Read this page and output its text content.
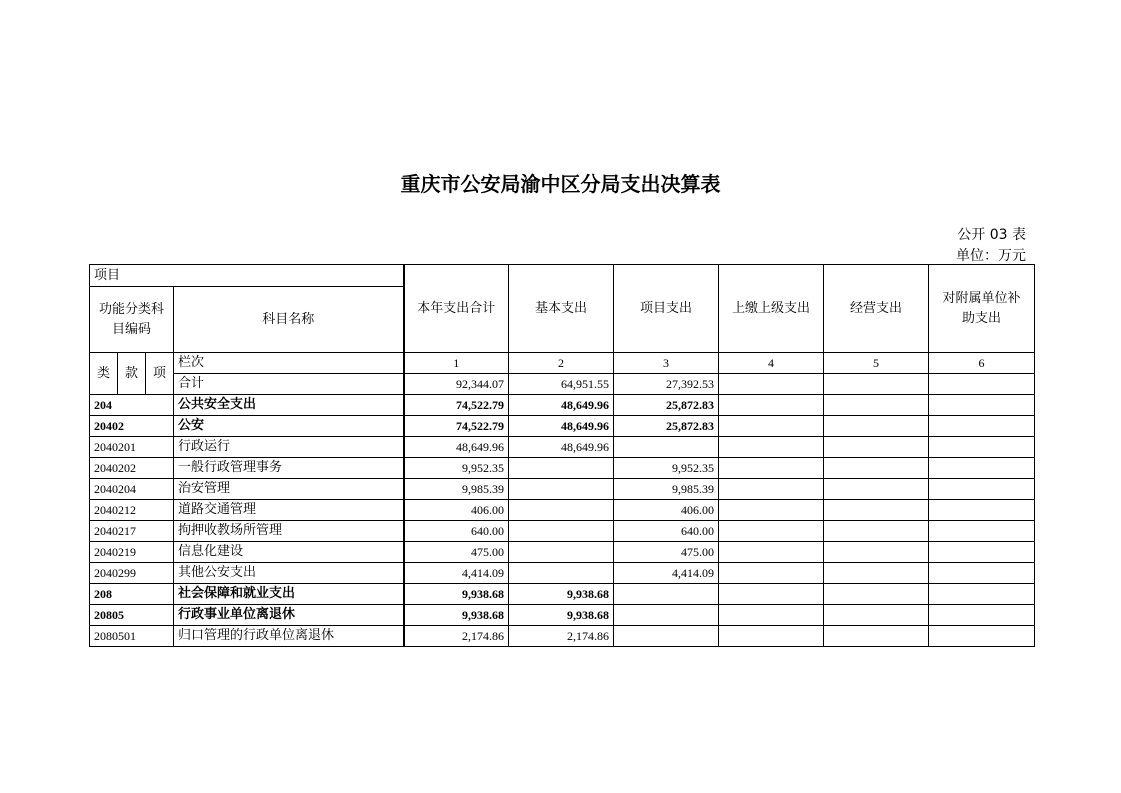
重庆市公安局渝中区分局支出决算表
公开 03 表
单位：万元
项目				本年支出合计	基本支出	项目支出	上缴上级支出	经营支出	对附属单位补助支出
功能分类科目编码			科目名称						
类	款	项	栏次	1	2	3	4	5	6
			合计	92,344.07	64,951.55	27,392.53			
204			公共安全支出	74,522.79	48,649.96	25,872.83			
20402			公安	74,522.79	48,649.96	25,872.83			
2040201			行政运行	48,649.96	48,649.96				
2040202			一般行政管理事务	9,952.35		9,952.35			
2040204			治安管理	9,985.39		9,985.39			
2040212			道路交通管理	406.00		406.00			
2040217			拘押收教场所管理	640.00		640.00			
2040219			信息化建设	475.00		475.00			
2040299			其他公安支出	4,414.09		4,414.09			
208			社会保障和就业支出	9,938.68	9,938.68				
20805			行政事业单位离退休	9,938.68	9,938.68				
2080501			归口管理的行政单位离退休	2,174.86	2,174.86				
